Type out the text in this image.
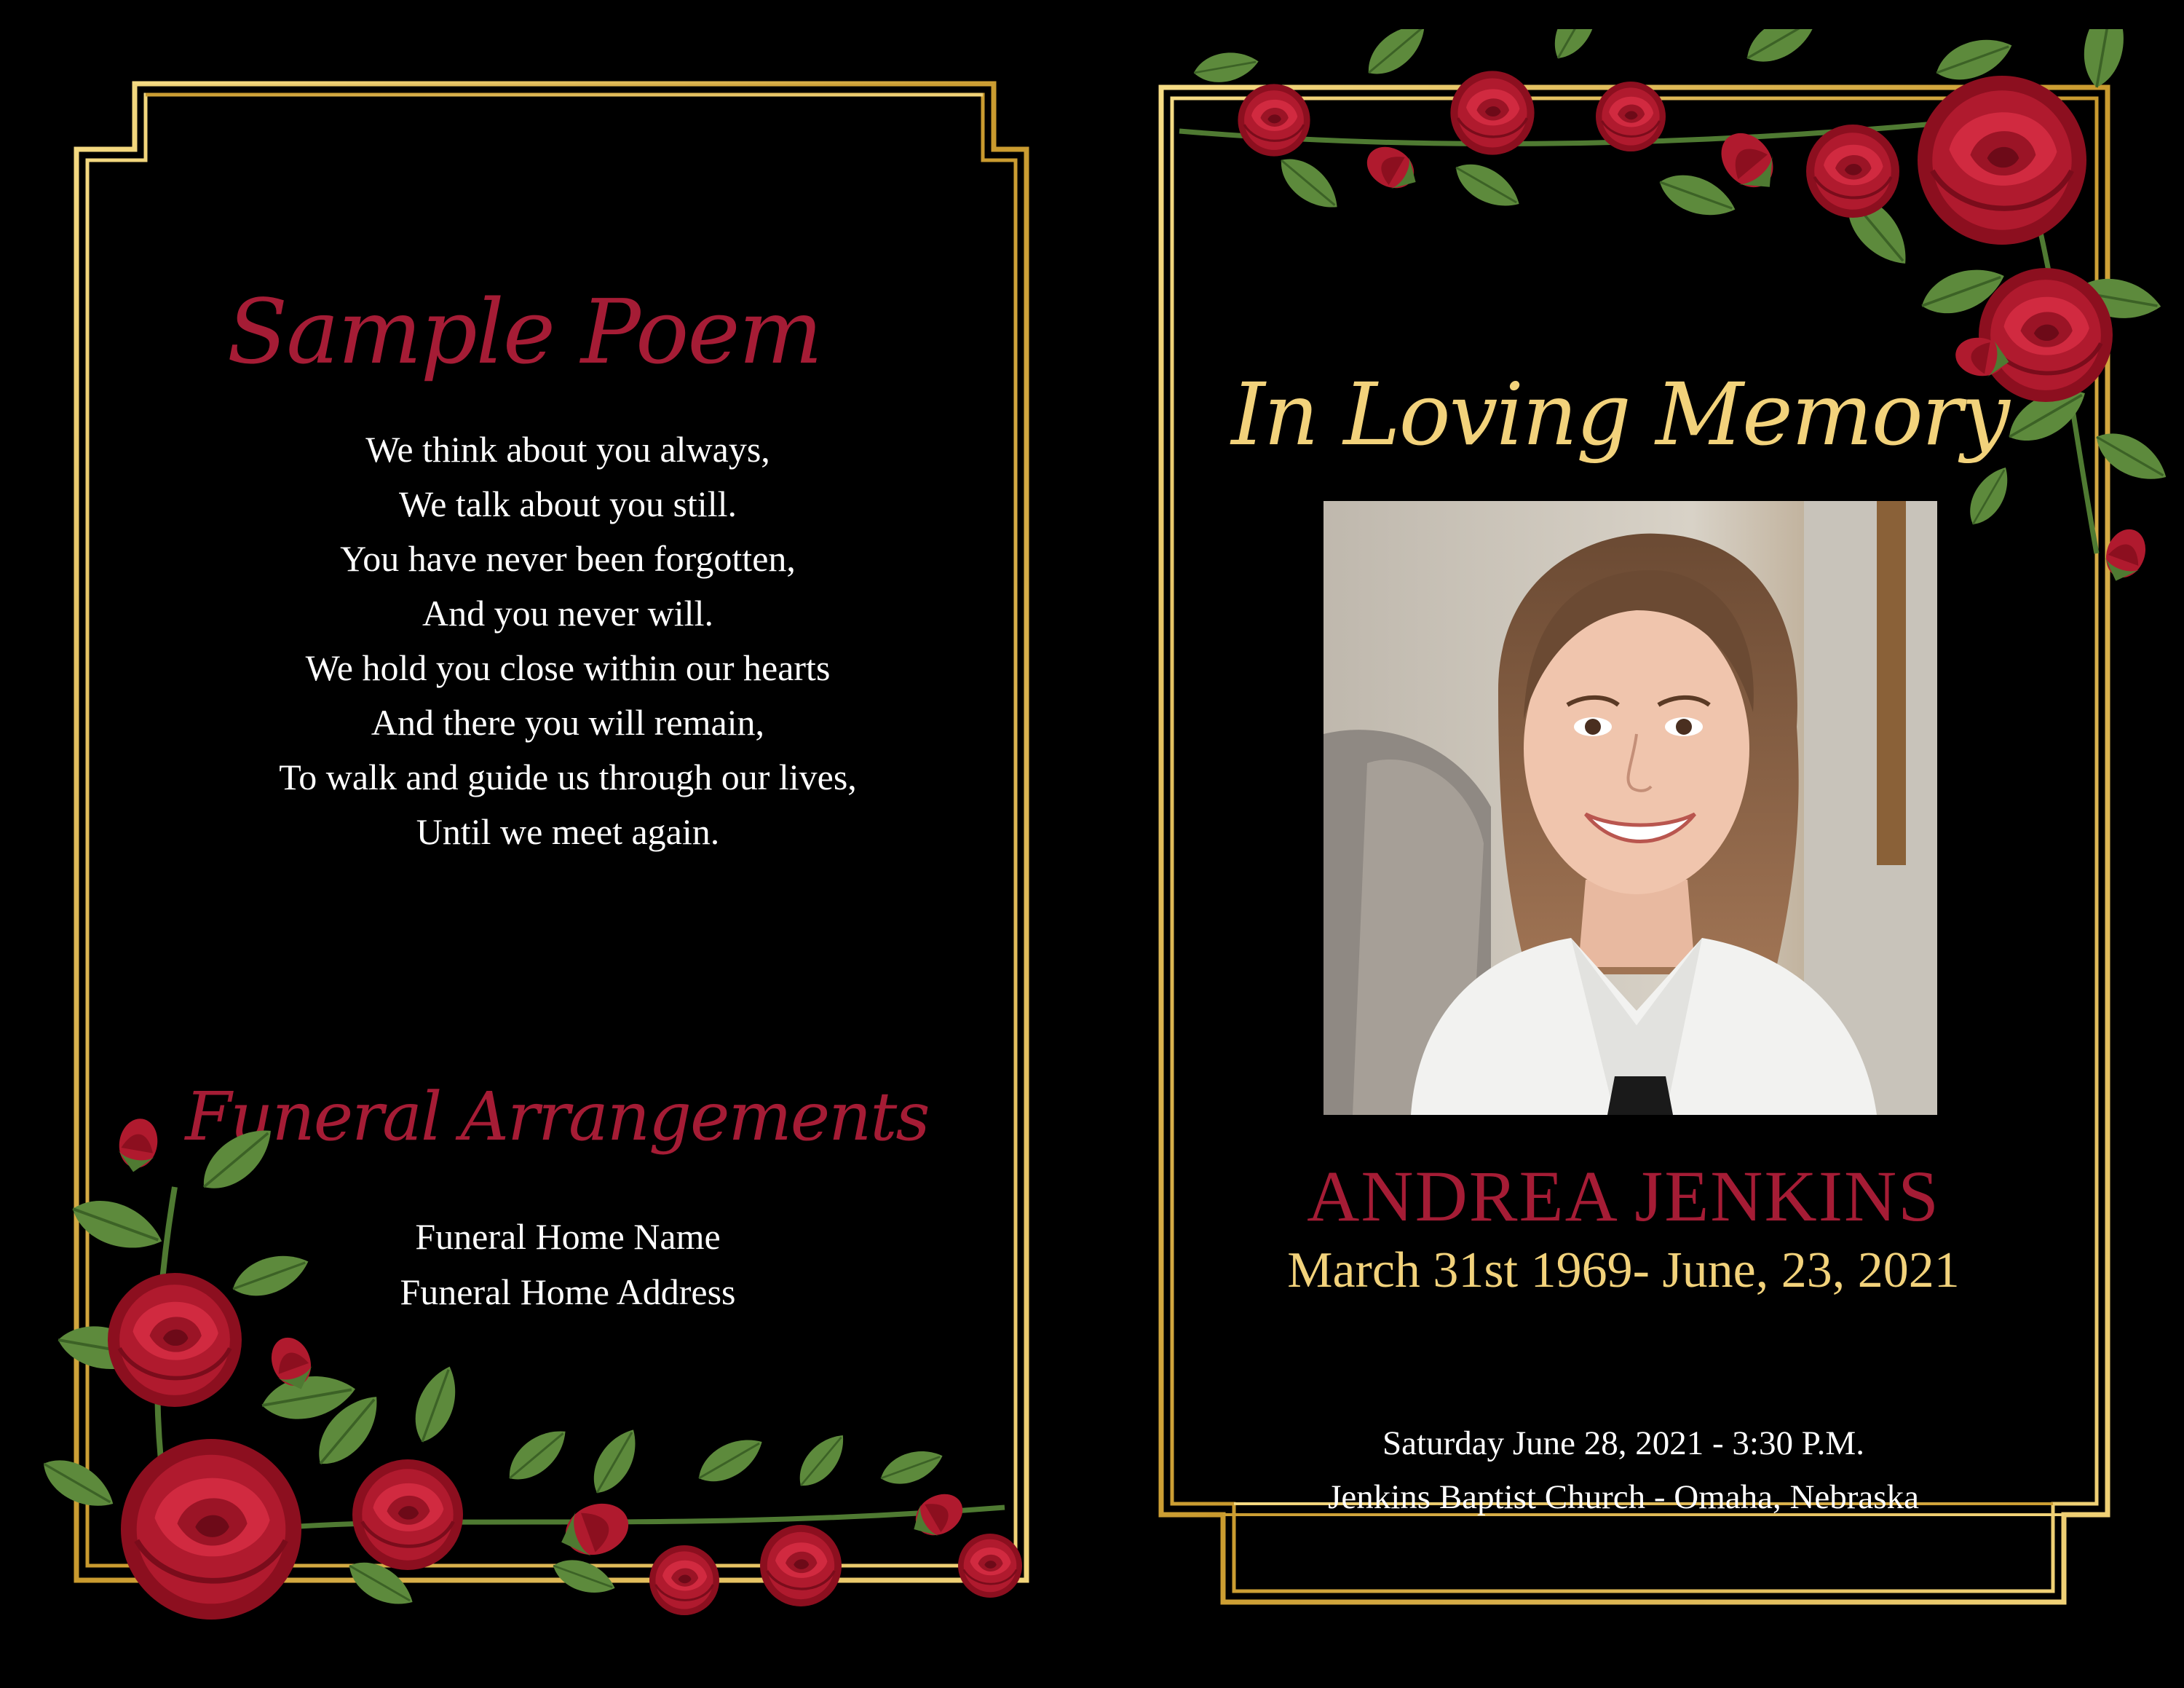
Sample Poem
We think about you always,
We talk about you still.
You have never been forgotten,
And you never will.
We hold you close within our hearts
And there you will remain,
To walk and guide us through our lives,
Until we meet again.
Funeral Arrangements
Funeral Home Name
Funeral Home Address
In Loving Memory
ANDREA JENKINS
March 31st 1969- June, 23, 2021
Saturday June 28, 2021 - 3:30 P.M.
Jenkins Baptist Church - Omaha, Nebraska
